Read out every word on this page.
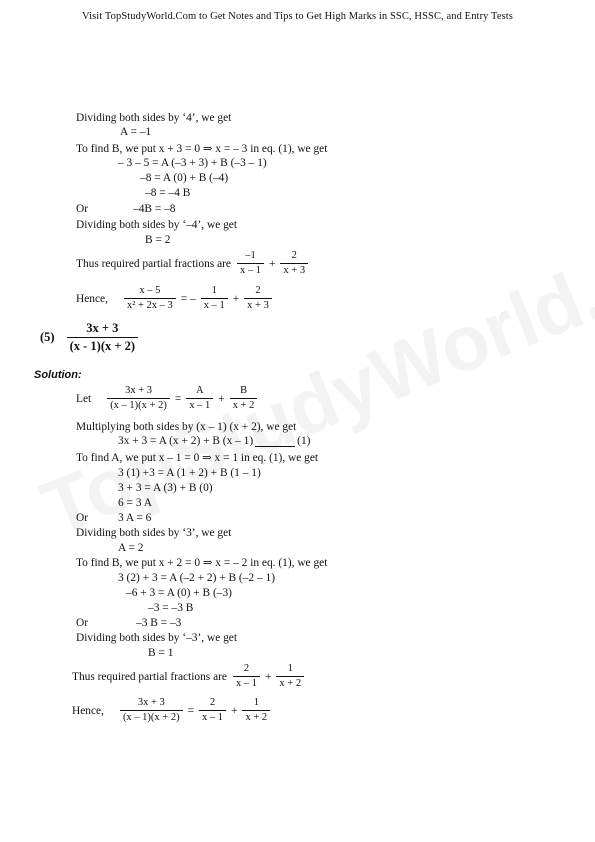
Visit TopStudyWorld.Com to Get Notes and Tips to Get High Marks in SSC, HSSC, and Entry Tests
Dividing both sides by ‘4’, we get
A = –1
To find B, we put x + 3 = 0 ⇒ x = – 3 in eq. (1), we get
– 3 – 5 = A (–3 + 3) + B (–3 – 1)
–8 = A (0) + B (–4)
–8 = –4 B
Or	–4B = –8
Dividing both sides by ‘–4’, we get
B = 2
Thus required partial fractions are $\frac{-1}{x - 1} + \frac{2}{x + 3}$
Hence, $\frac{x - 5}{\text{x² + 2x – 3}}$ = – $\frac{1}{x - 1} + \frac{2}{x + 3}$
$(5) \frac{3x + 3}{(x - 1)(x + 2)}$
Solution:
Let $\frac{3x + 3}{(x - 1)(x + 2)} = \frac{A}{x - 1} + \frac{B}{x + 2}$
Multiplying both sides by (x – 1) (x + 2), we get
3x + 3 = A (x + 2) + B (x – 1)	(1)
To find A, we put x – 1 = 0 ⇒ x = 1 in eq. (1), we get
3 (1) +3 = A (1 + 2) + B (1 – 1)
3 + 3 = A (3) + B (0)
6 = 3 A
Or	3 A = 6
Dividing both sides by ‘3’, we get
A = 2
To find B, we put x + 2 = 0 ⇒ x = – 2 in eq. (1), we get
3 (2) + 3 = A (–2 + 2) + B (–2 – 1)
–6 + 3 = A (0) + B (–3)
–3 = –3 B
Or	–3 B = –3
Dividing both sides by ‘–3’, we get
B = 1
Thus required partial fractions are $\frac{2}{x - 1} + \frac{1}{x + 2}$
Hence, $\frac{3x + 3}{(x - 1)(x + 2)} = \frac{2}{x - 1} + \frac{1}{x + 2}$
